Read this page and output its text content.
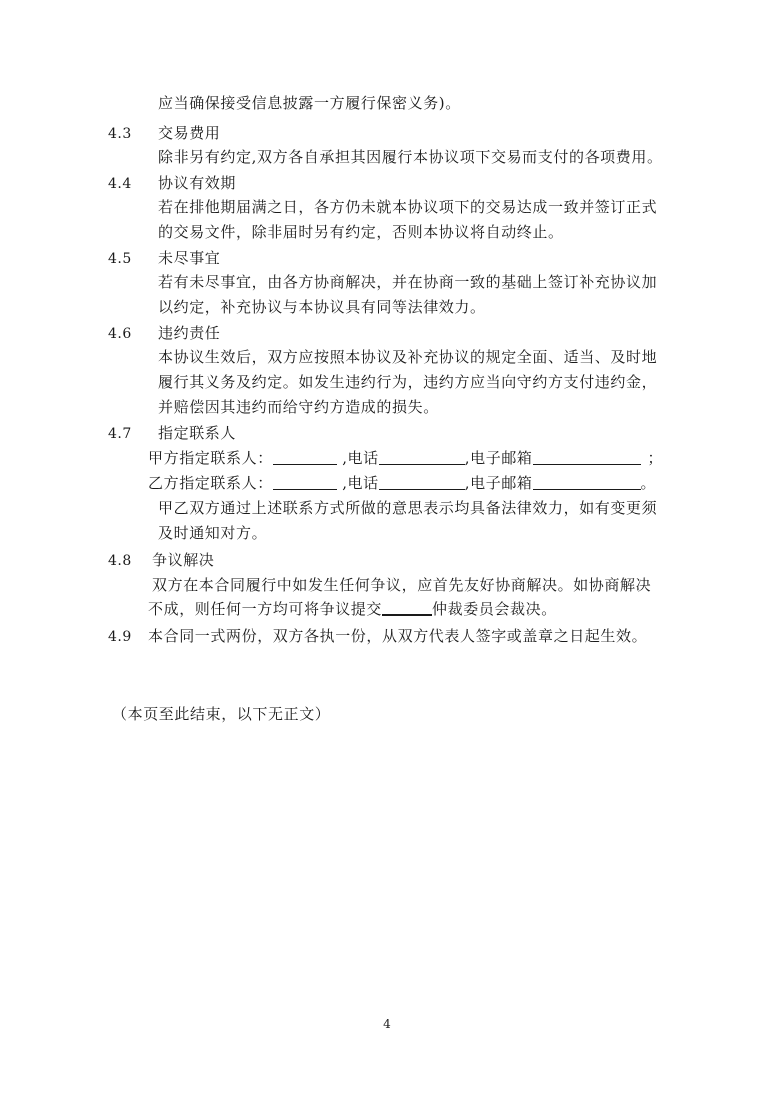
应当确保接受信息披露一方履行保密义务)。
4.3 交易费用
除非另有约定,双方各自承担其因履行本协议项下交易而支付的各项费用。
4.4 协议有效期
若在排他期届满之日，各方仍未就本协议项下的交易达成一致并签订正式
的交易文件，除非届时另有约定，否则本协议将自动终止。
4.5 未尽事宜
若有未尽事宜，由各方协商解决，并在协商一致的基础上签订补充协议加
以约定，补充协议与本协议具有同等法律效力。
4.6 违约责任
本协议生效后，双方应按照本协议及补充协议的规定全面、适当、及时地
履行其义务及约定。如发生违约行为，违约方应当向守约方支付违约金，
并赔偿因其违约而给守约方造成的损失。
4.7 指定联系人
甲方指定联系人：	,电话	,电子邮箱	；
乙方指定联系人：	,电话	,电子邮箱	。
甲乙双方通过上述联系方式所做的意思表示均具备法律效力，如有变更须
及时通知对方。
4.8 争议解决
双方在本合同履行中如发生任何争议，应首先友好协商解决。如协商解决
不成，则任何一方均可将争议提交	仲裁委员会裁决。
4.9 本合同一式两份，双方各执一份，从双方代表人签字或盖章之日起生效。
（本页至此结束，以下无正文）
4
